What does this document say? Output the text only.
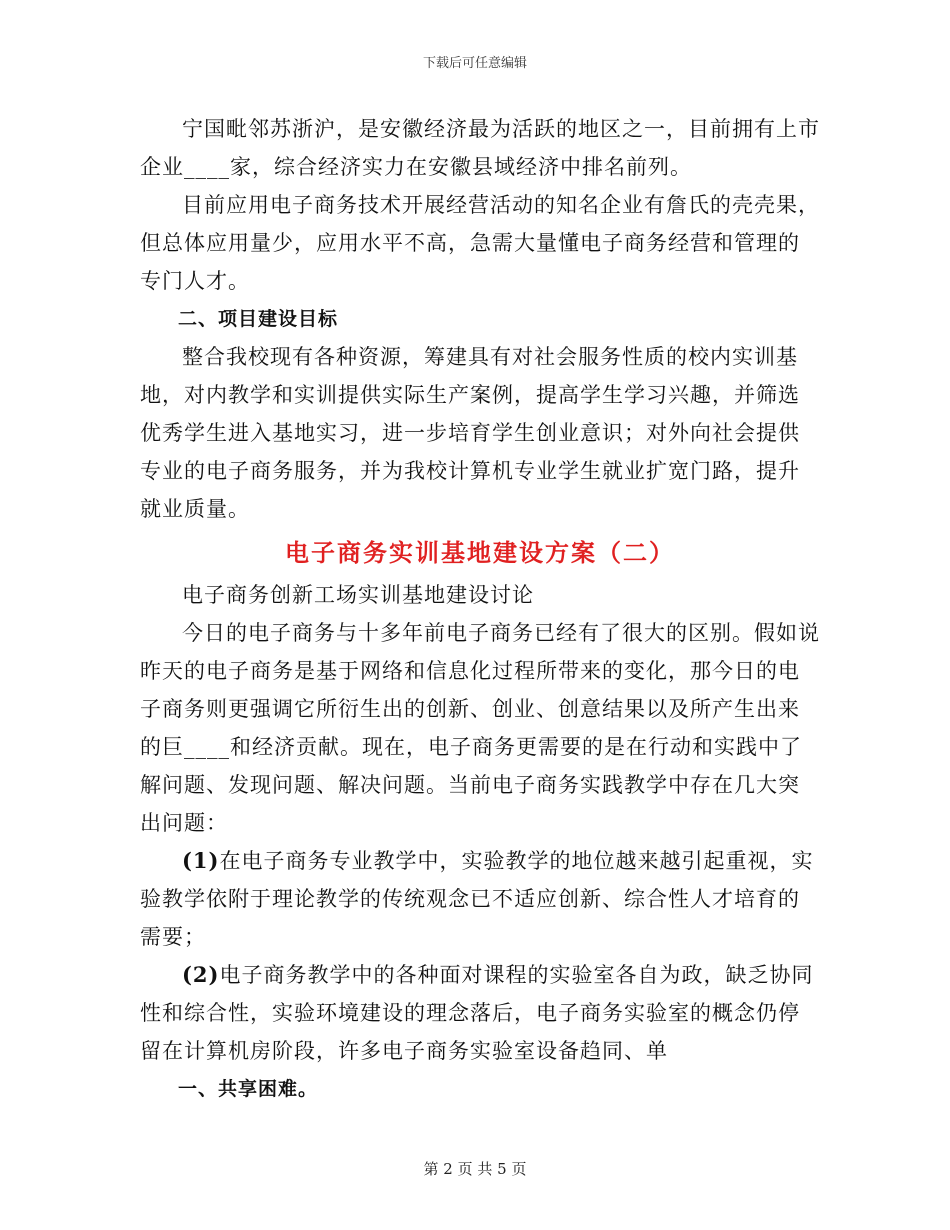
下载后可任意编辑

宁国毗邻苏浙沪，是安徽经济最为活跃的地区之一，目前拥有上市企业____家，综合经济实力在安徽县域经济中排名前列。

目前应用电子商务技术开展经营活动的知名企业有詹氏的壳壳果，但总体应用量少，应用水平不高，急需大量懂电子商务经营和管理的专门人才。

二、项目建设目标

整合我校现有各种资源，筹建具有对社会服务性质的校内实训基地，对内教学和实训提供实际生产案例，提高学生学习兴趣，并筛选优秀学生进入基地实习，进一步培育学生创业意识；对外向社会提供专业的电子商务服务，并为我校计算机专业学生就业扩宽门路，提升就业质量。

电子商务实训基地建设方案（二）

电子商务创新工场实训基地建设讨论

今日的电子商务与十多年前电子商务已经有了很大的区别。假如说昨天的电子商务是基于网络和信息化过程所带来的变化，那今日的电子商务则更强调它所衍生出的创新、创业、创意结果以及所产生出来的巨____和经济贡献。现在，电子商务更需要的是在行动和实践中了解问题、发现问题、解决问题。当前电子商务实践教学中存在几大突出问题：

(1)在电子商务专业教学中，实验教学的地位越来越引起重视，实验教学依附于理论教学的传统观念已不适应创新、综合性人才培育的需要；

(2)电子商务教学中的各种面对课程的实验室各自为政，缺乏协同性和综合性，实验环境建设的理念落后，电子商务实验室的概念仍停留在计算机房阶段，许多电子商务实验室设备趋同、单

一、共享困难。

第 2 页 共 5 页
